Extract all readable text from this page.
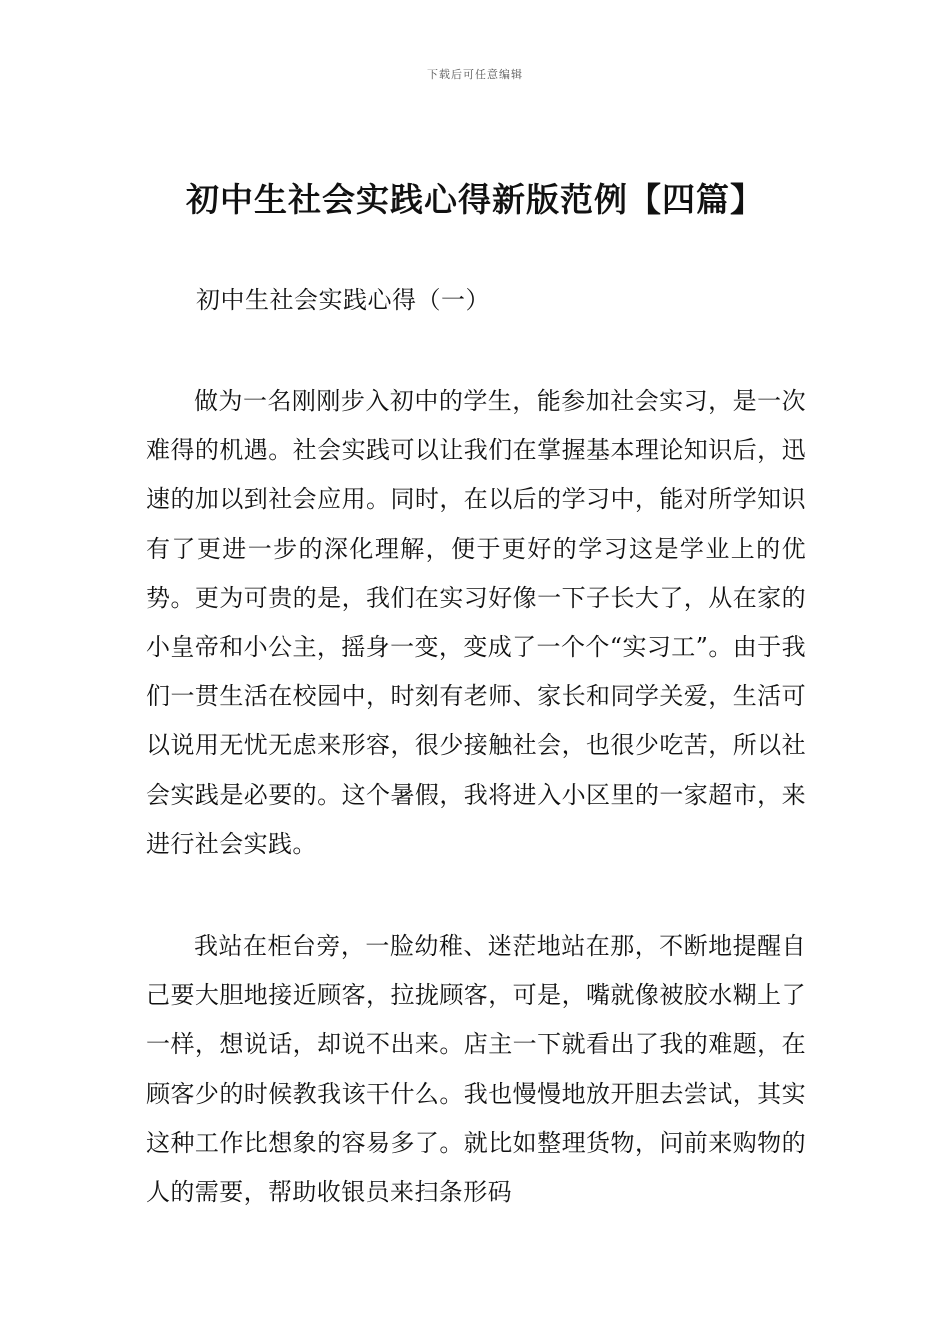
下载后可任意编辑
初中生社会实践心得新版范例【四篇】
初中生社会实践心得（一）

做为一名刚刚步入初中的学生，能参加社会实习，是一次难得的机遇。社会实践可以让我们在掌握基本理论知识后，迅速的加以到社会应用。同时，在以后的学习中，能对所学知识有了更进一步的深化理解，便于更好的学习这是学业上的优势。更为可贵的是，我们在实习好像一下子长大了，从在家的小皇帝和小公主，摇身一变，变成了一个个“实习工”。由于我们一贯生活在校园中，时刻有老师、家长和同学关爱，生活可以说用无忧无虑来形容，很少接触社会，也很少吃苦，所以社会实践是必要的。这个暑假，我将进入小区里的一家超市，来进行社会实践。

我站在柜台旁，一脸幼稚、迷茫地站在那，不断地提醒自己要大胆地接近顾客，拉拢顾客，可是，嘴就像被胶水糊上了一样，想说话，却说不出来。店主一下就看出了我的难题，在顾客少的时候教我该干什么。我也慢慢地放开胆去尝试，其实这种工作比想象的容易多了。就比如整理货物，问前来购物的人的需要，帮助收银员来扫条形码
